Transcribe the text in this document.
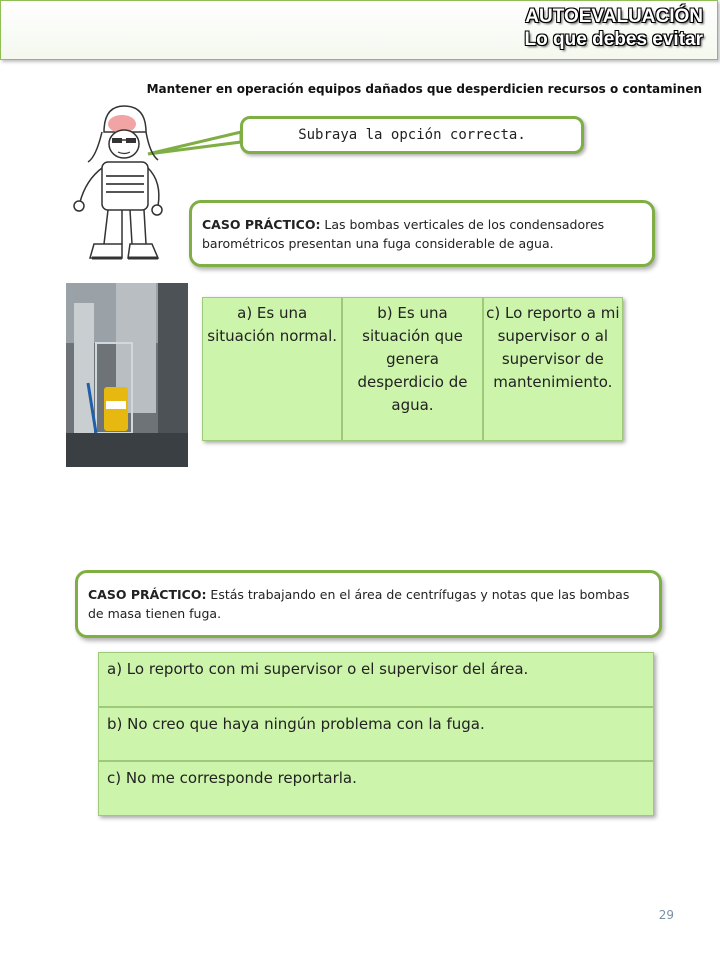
AUTOEVALUACIÓN
Lo que debes evitar
Mantener en operación equipos dañados que desperdicien recursos o contaminen
Subraya la opción correcta.
CASO PRÁCTICO: Las bombas verticales de los condensadores barométricos presentan una fuga considerable de agua.
a) Es una situación normal.
b) Es una situación que genera desperdicio de agua.
c) Lo reporto a mi supervisor o al supervisor de mantenimiento.
CASO PRÁCTICO: Estás trabajando en el área de centrífugas y notas que las bombas de masa tienen fuga.
a) Lo reporto con mi supervisor o el supervisor del área.
b) No creo que haya ningún problema con la fuga.
c) No me corresponde reportarla.
29
